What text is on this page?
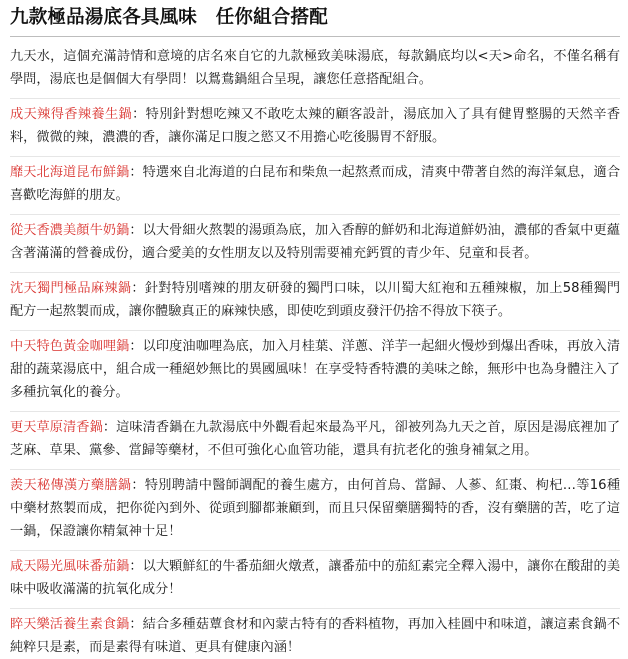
九款極品湯底各具風味　任你組合搭配

九天水，這個充滿詩情和意境的店名來自它的九款極致美味湯底，每款鍋底均以<天>命名，不僅名稱有學問，湯底也是個個大有學問！以鴛鴦鍋組合呈現，讓您任意搭配組合。

成天辣得香辣養生鍋：特別針對想吃辣又不敢吃太辣的顧客設計，湯底加入了具有健胃整腸的天然辛香料，微微的辣，濃濃的香，讓你滿足口腹之慾又不用擔心吃後腸胃不舒服。

靡天北海道昆布鮮鍋：特選來自北海道的白昆布和柴魚一起熬煮而成，清爽中帶著自然的海洋氣息，適合喜歡吃海鮮的朋友。

從天香濃美顏牛奶鍋：以大骨細火熬製的湯頭為底，加入香醇的鮮奶和北海道鮮奶油，濃郁的香氣中更蘊含著滿滿的營養成份，適合愛美的女性朋友以及特別需要補充鈣質的青少年、兒童和長者。

沈天獨門極品麻辣鍋：針對特別嗜辣的朋友研發的獨門口味，以川蜀大紅袍和五種辣椒，加上58種獨門配方一起熬製而成，讓你體驗真正的麻辣快感，即使吃到頭皮發汗仍捨不得放下筷子。

中天特色黃金咖哩鍋：以印度油咖哩為底，加入月桂葉、洋蔥、洋芋一起細火慢炒到爆出香味，再放入清甜的蔬菜湯底中，組合成一種絕妙無比的異國風味！在享受特香特濃的美味之餘，無形中也為身體注入了多種抗氧化的養分。

更天草原清香鍋：這味清香鍋在九款湯底中外觀看起來最為平凡，卻被列為九天之首，原因是湯底裡加了芝麻、草果、黨參、當歸等藥材，不但可強化心血管功能，還具有抗老化的強身補氣之用。

羨天秘傳漢方藥膳鍋：特別聘請中醫師調配的養生處方，由何首烏、當歸、人蔘、紅棗、枸杞…等16種中藥材熬製而成，把你從內到外、從頭到腳都兼顧到，而且只保留藥膳獨特的香，沒有藥膳的苦，吃了這一鍋，保證讓你精氣神十足！

咸天陽光風味番茄鍋：以大顆鮮紅的牛番茄細火燉煮，讓番茄中的茄紅素完全釋入湯中，讓你在酸甜的美味中吸收滿滿的抗氧化成分！

睟天樂活養生素食鍋：結合多種菇蕈食材和內蒙古特有的香料植物，再加入桂圓中和味道，讓這素食鍋不純粹只是素，而是素得有味道、更具有健康內涵！
